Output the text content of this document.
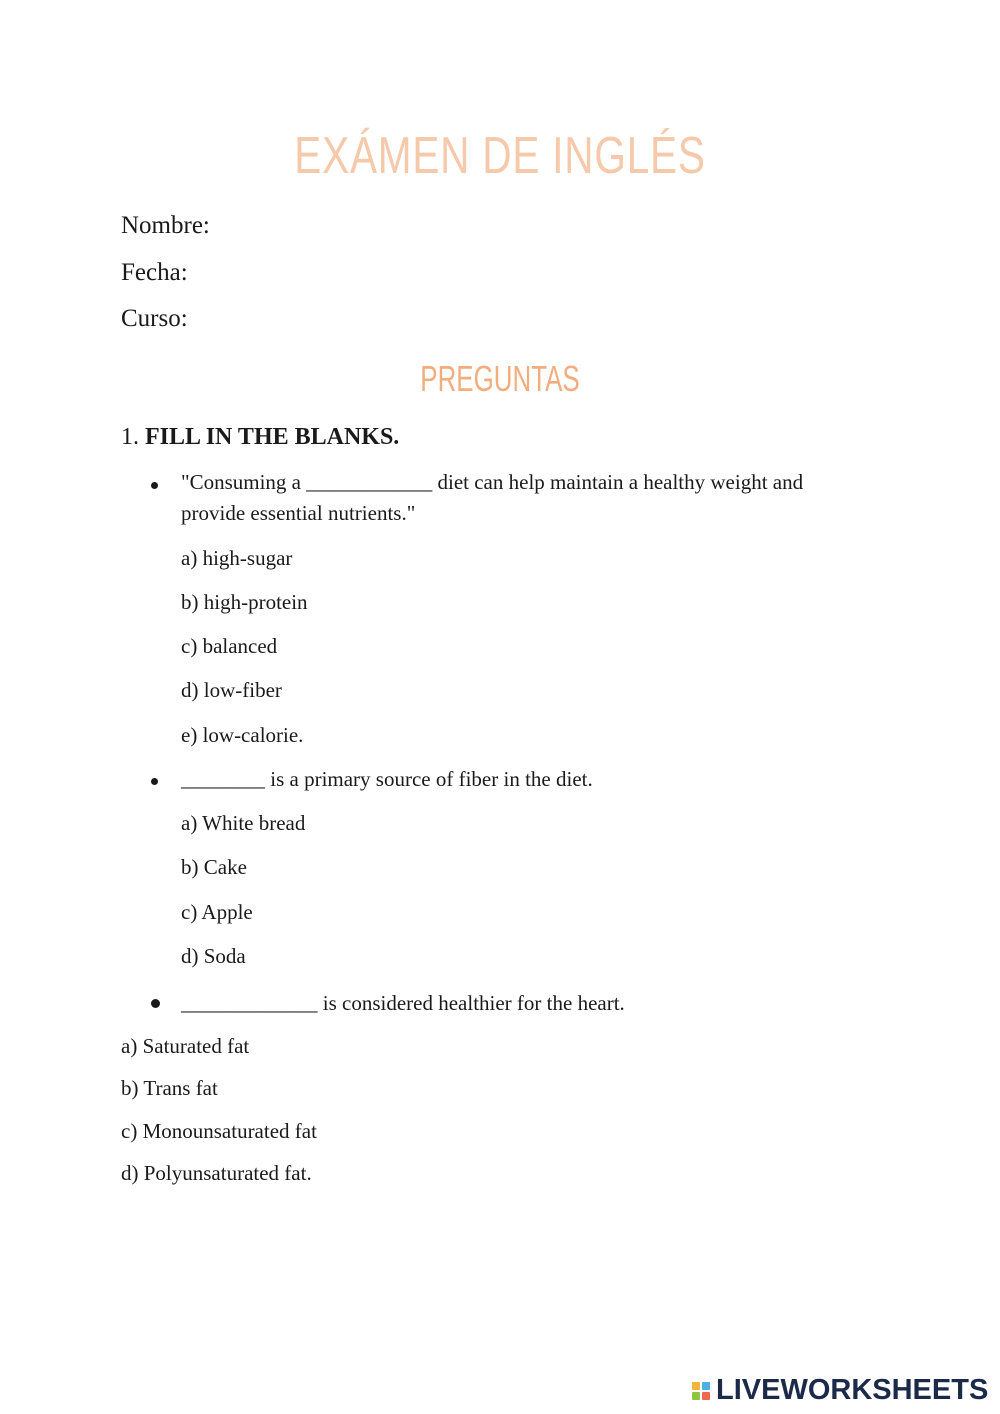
EXÁMEN DE INGLÉS

Nombre:

Fecha:

Curso:

PREGUNTAS

1. FILL IN THE BLANKS.

"Consuming a ____________ diet can help maintain a healthy weight and

provide essential nutrients."

a) high-sugar

b) high-protein

c) balanced

d) low-fiber

e) low-calorie.

________ is a primary source of fiber in the diet.

a) White bread

b) Cake

c) Apple

d) Soda

_____________ is considered healthier for the heart.

a) Saturated fat

b) Trans fat

c) Monounsaturated fat

d) Polyunsaturated fat.

LIVEWORKSHEETS
